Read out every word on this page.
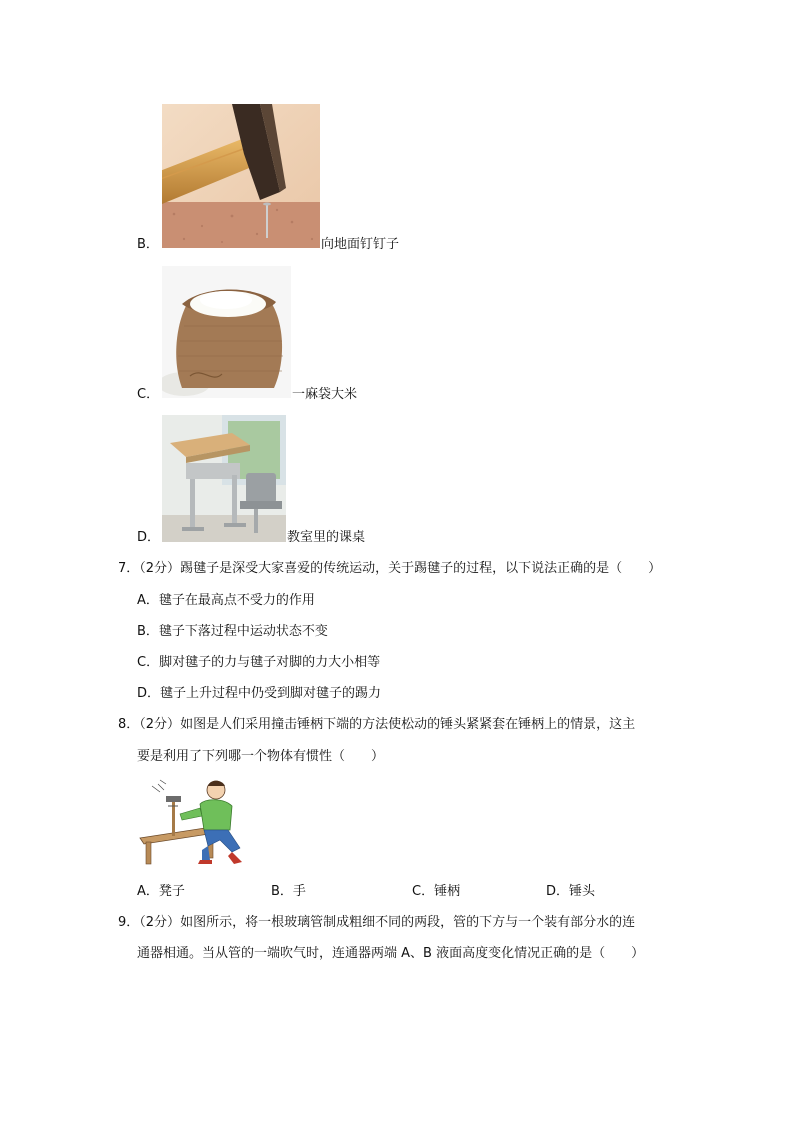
B．	向地面钉钉子
C．	一麻袋大米
D．	教室里的课桌
7．（2分）踢毽子是深受大家喜爱的传统运动，关于踢毽子的过程，以下说法正确的是（　　）
A．毽子在最高点不受力的作用
B．毽子下落过程中运动状态不变
C．脚对毽子的力与毽子对脚的力大小相等
D．毽子上升过程中仍受到脚对毽子的踢力
8．（2分）如图是人们采用撞击锤柄下端的方法使松动的锤头紧紧套在锤柄上的情景，这主
要是利用了下列哪一个物体有惯性（　　）
A．凳子	B．手	C．锤柄	D．锤头
9．（2分）如图所示，将一根玻璃管制成粗细不同的两段，管的下方与一个装有部分水的连
通器相通。当从管的一端吹气时，连通器两端 A、B 液面高度变化情况正确的是（　　）
